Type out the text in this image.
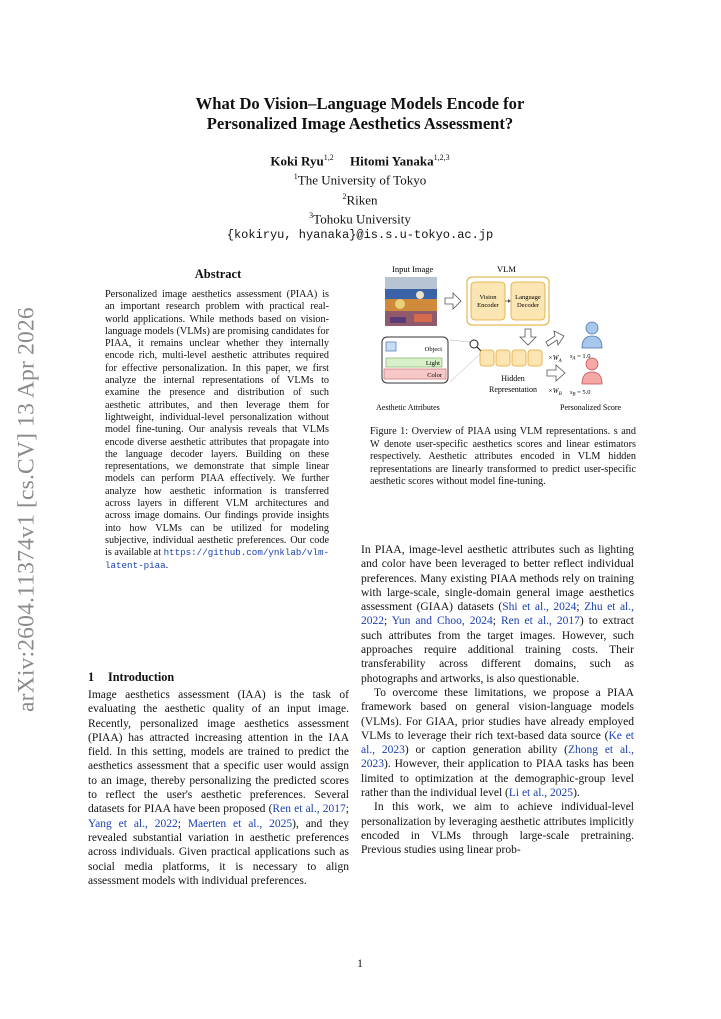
arXiv:2604.11374v1 [cs.CV] 13 Apr 2026
What Do Vision–Language Models Encode for
Personalized Image Aesthetics Assessment?
Koki Ryu$^{1,2}$ Hitomi Yanaka$^{1,2,3}$
$^1$The University of Tokyo
$^2$Riken
$^3$Tohoku University
{kokiryu, hyanaka}@is.s.u-tokyo.ac.jp
Abstract
Personalized image aesthetics assessment (PIAA) is an important research problem with practical real-world applications. While methods based on vision-language models (VLMs) are promising candidates for PIAA, it remains unclear whether they internally encode rich, multi-level aesthetic attributes required for effective personalization. In this paper, we first analyze the internal representations of VLMs to examine the presence and distribution of such aesthetic attributes, and then leverage them for lightweight, individual-level personalization without model fine-tuning. Our analysis reveals that VLMs encode diverse aesthetic attributes that propagate into the language decoder layers. Building on these representations, we demonstrate that simple linear models can perform PIAA effectively. We further analyze how aesthetic information is transferred across layers in different VLM architectures and across image domains. Our findings provide insights into how VLMs can be utilized for modeling subjective, individual aesthetic preferences. Our code is available at https://github.com/ynklab/vlm-latent-piaa.
1 Introduction

Image aesthetics assessment (IAA) is the task of evaluating the aesthetic quality of an input image. Recently, personalized image aesthetics assessment (PIAA) has attracted increasing attention in the IAA field. In this setting, models are trained to predict the aesthetics assessment that a specific user would assign to an image, thereby personalizing the predicted scores to reflect the user's aesthetic preferences. Several datasets for PIAA have been proposed (Ren et al., 2017; Yang et al., 2022; Maerten et al., 2025), and they revealed substantial variation in aesthetic preferences across individuals. Given practical applications such as social media platforms, it is necessary to align assessment models with individual preferences.

Input Image	VLM
Vision
Encoder
Language
Decoder
Object
Light
Color	Hidden
Representation
$\times W_A$
$\times W_B$
$s_A = 1.0$
$s_B = 5.0$
Aesthetic Attributes	Personalized Score
Figure 1: Overview of PIAA using VLM representations. s and W denote user-specific aesthetics scores and linear estimators respectively. Aesthetic attributes encoded in VLM hidden representations are linearly transformed to predict user-specific aesthetic scores without model fine-tuning.

In PIAA, image-level aesthetic attributes such as lighting and color have been leveraged to better reflect individual preferences. Many existing PIAA methods rely on training with large-scale, single-domain general image aesthetics assessment (GIAA) datasets (Shi et al., 2024; Zhu et al., 2022; Yun and Choo, 2024; Ren et al., 2017) to extract such attributes from the target images. However, such approaches require additional training costs. Their transferability across different domains, such as photographs and artworks, is also questionable.

To overcome these limitations, we propose a PIAA framework based on general vision-language models (VLMs). For GIAA, prior studies have already employed VLMs to leverage their rich text-based data source (Ke et al., 2023) or caption generation ability (Zhong et al., 2023). However, their application to PIAA tasks has been limited to optimization at the demographic-group level rather than the individual level (Li et al., 2025).

In this work, we aim to achieve individual-level personalization by leveraging aesthetic attributes implicitly encoded in VLMs through large-scale pretraining. Previous studies using linear prob-

1
